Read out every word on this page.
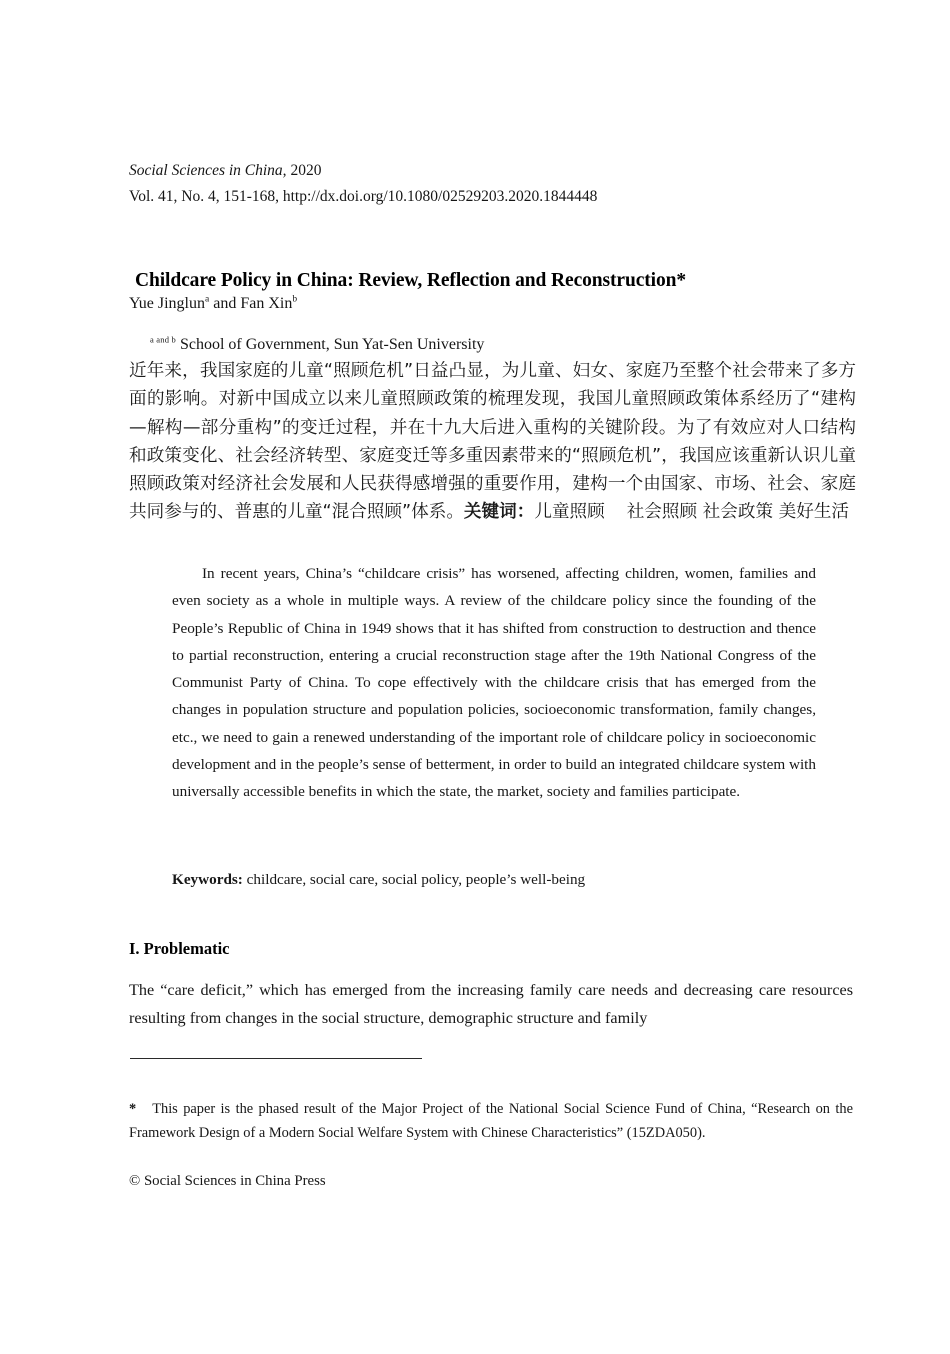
Social Sciences in China, 2020
Vol. 41, No. 4, 151-168, http://dx.doi.org/10.1080/02529203.2020.1844448
Childcare Policy in China: Review, Reflection and Reconstruction*
Yue Jinglun$^a$ and Fan Xin$^b$
$^{a and b}$ School of Government, Sun Yat-Sen University
近年来，我国家庭的儿童“照顾危机”日益凸显，为儿童、妇女、家庭乃至整个社会带来了多方面的影响。对新中国成立以来儿童照顾政策的梳理发现，我国儿童照顾政策体系经历了“建构—解构—部分重构”的变迁过程，并在十九大后进入重构的关键阶段。为了有效应对人口结构和政策变化、社会经济转型、家庭变迁等多重因素带来的“照顾危机”，我国应该重新认识儿童照顾政策对经济社会发展和人民获得感增强的重要作用，建构一个由国家、市场、社会、家庭共同参与的、普惠的儿童“混合照顾”体系。关键词：儿童照顾 社会照顾 社会政策 美好生活
In recent years, China’s “childcare crisis” has worsened, affecting children, women, families and even society as a whole in multiple ways. A review of the childcare policy since the founding of the People’s Republic of China in 1949 shows that it has shifted from construction to destruction and thence to partial reconstruction, entering a crucial reconstruction stage after the 19th National Congress of the Communist Party of China. To cope effectively with the childcare crisis that has emerged from the changes in population structure and population policies, socioeconomic transformation, family changes, etc., we need to gain a renewed understanding of the important role of childcare policy in socioeconomic development and in the people’s sense of betterment, in order to build an integrated childcare system with universally accessible benefits in which the state, the market, society and families participate.
Keywords: childcare, social care, social policy, people’s well-being
I. Problematic
The “care deficit,” which has emerged from the increasing family care needs and decreasing care resources resulting from changes in the social structure, demographic structure and family
* This paper is the phased result of the Major Project of the National Social Science Fund of China, “Research on the Framework Design of a Modern Social Welfare System with Chinese Characteristics” (15ZDA050).
© Social Sciences in China Press
